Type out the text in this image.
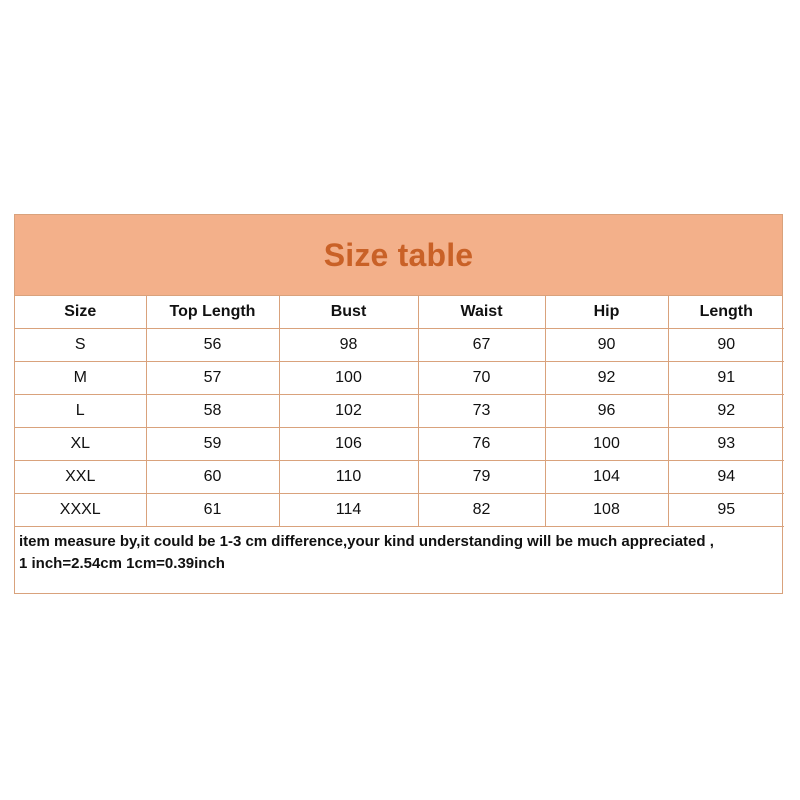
Size table
Size	Top Length	Bust	Waist	Hip	Length
S	56	98	67	90	90
M	57	100	70	92	91
L	58	102	73	96	92
XL	59	106	76	100	93
XXL	60	110	79	104	94
XXXL	61	114	82	108	95
item measure by,it could be 1-3 cm difference,your kind understanding will be much appreciated ,
1 inch=2.54cm 1cm=0.39inch
